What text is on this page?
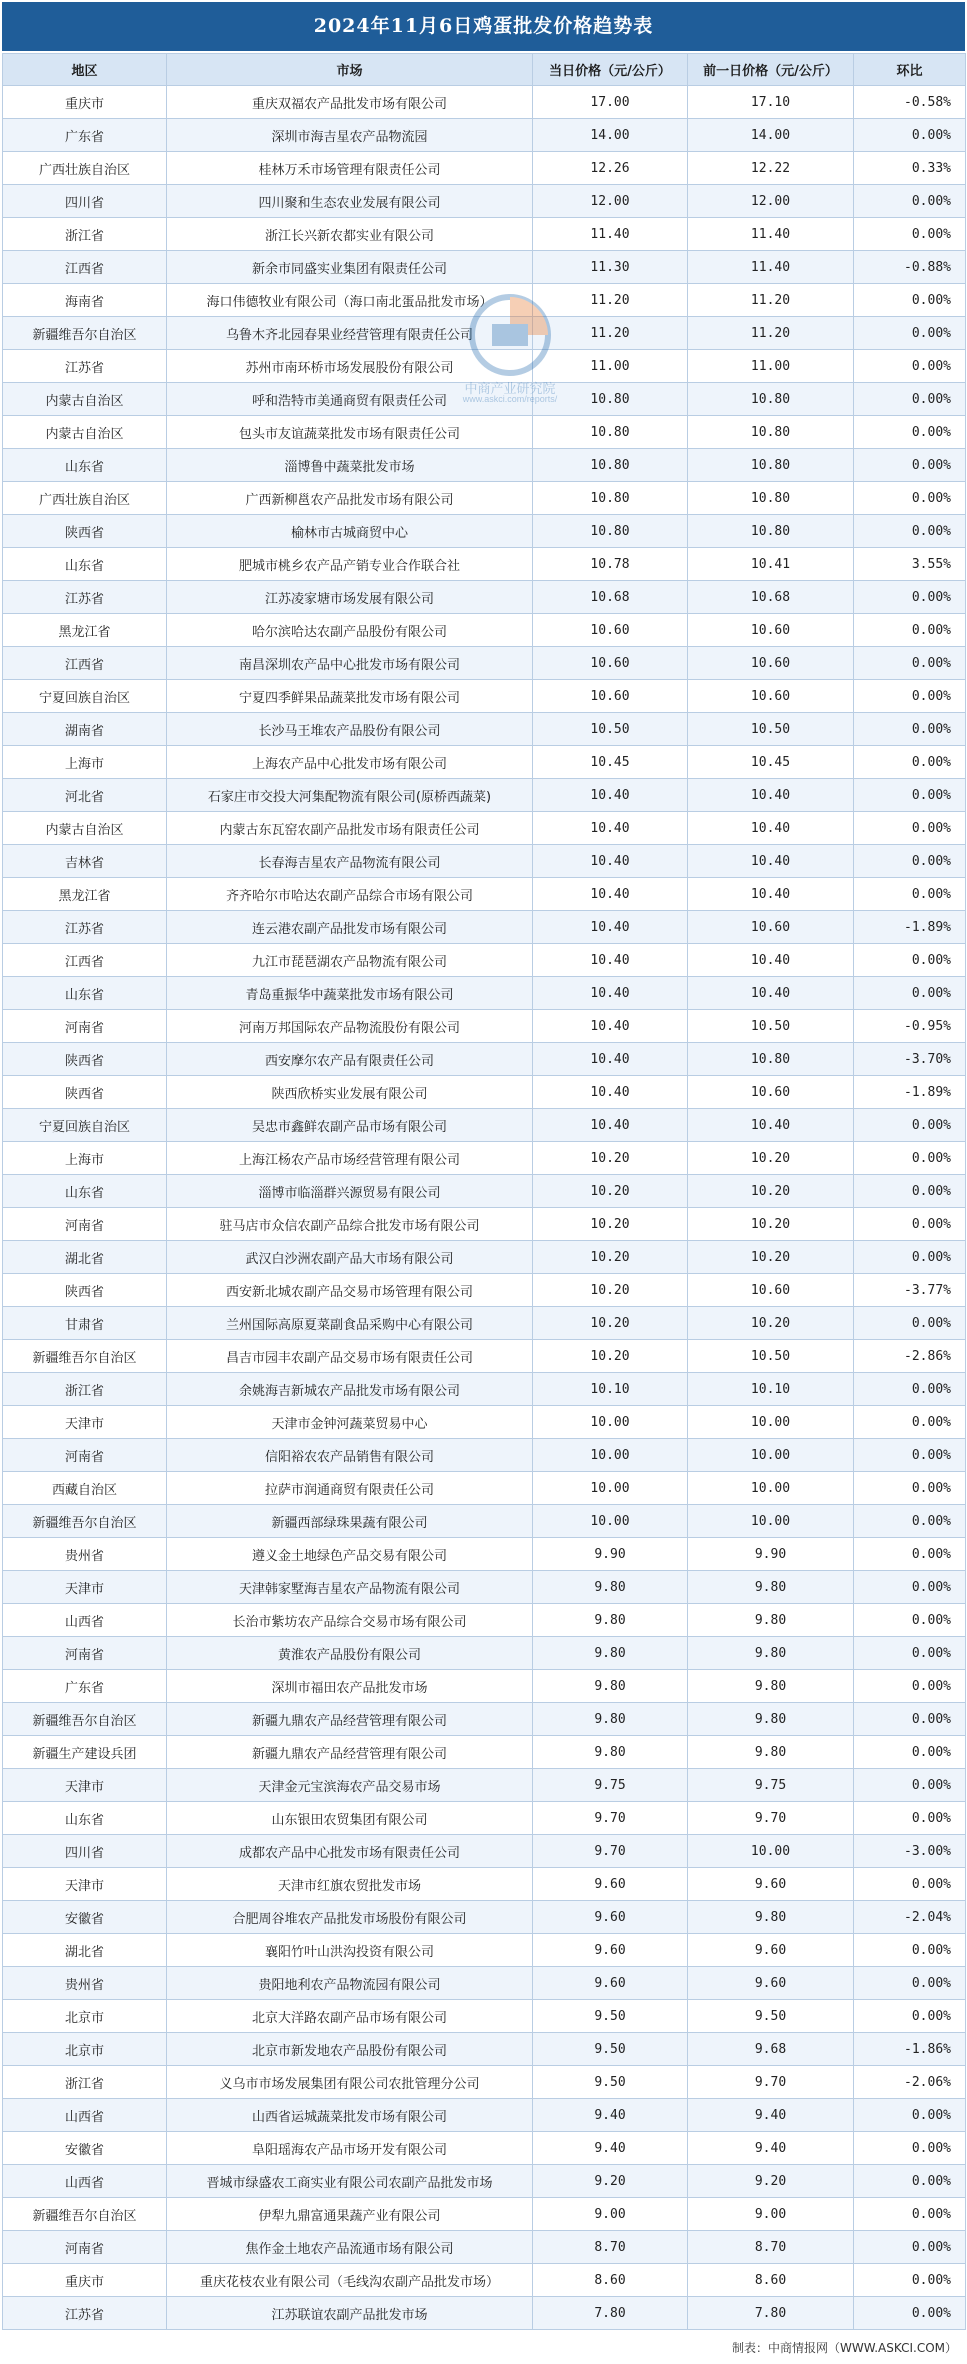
2024年11月6日鸡蛋批发价格趋势表
地区	市场	当日价格（元/公斤）	前一日价格（元/公斤）	环比
重庆市	重庆双福农产品批发市场有限公司	17.00	17.10	-0.58%
广东省	深圳市海吉星农产品物流园	14.00	14.00	0.00%
广西壮族自治区	桂林万禾市场管理有限责任公司	12.26	12.22	0.33%
四川省	四川聚和生态农业发展有限公司	12.00	12.00	0.00%
浙江省	浙江长兴新农都实业有限公司	11.40	11.40	0.00%
江西省	新余市同盛实业集团有限责任公司	11.30	11.40	-0.88%
海南省	海口伟德牧业有限公司（海口南北蛋品批发市场）	11.20	11.20	0.00%
新疆维吾尔自治区	乌鲁木齐北园春果业经营管理有限责任公司	11.20	11.20	0.00%
江苏省	苏州市南环桥市场发展股份有限公司	11.00	11.00	0.00%
内蒙古自治区	呼和浩特市美通商贸有限责任公司	10.80	10.80	0.00%
内蒙古自治区	包头市友谊蔬菜批发市场有限责任公司	10.80	10.80	0.00%
山东省	淄博鲁中蔬菜批发市场	10.80	10.80	0.00%
广西壮族自治区	广西新柳邕农产品批发市场有限公司	10.80	10.80	0.00%
陕西省	榆林市古城商贸中心	10.80	10.80	0.00%
山东省	肥城市桃乡农产品产销专业合作联合社	10.78	10.41	3.55%
江苏省	江苏凌家塘市场发展有限公司	10.68	10.68	0.00%
黑龙江省	哈尔滨哈达农副产品股份有限公司	10.60	10.60	0.00%
江西省	南昌深圳农产品中心批发市场有限公司	10.60	10.60	0.00%
宁夏回族自治区	宁夏四季鲜果品蔬菜批发市场有限公司	10.60	10.60	0.00%
湖南省	长沙马王堆农产品股份有限公司	10.50	10.50	0.00%
上海市	上海农产品中心批发市场有限公司	10.45	10.45	0.00%
河北省	石家庄市交投大河集配物流有限公司(原桥西蔬菜)	10.40	10.40	0.00%
内蒙古自治区	内蒙古东瓦窑农副产品批发市场有限责任公司	10.40	10.40	0.00%
吉林省	长春海吉星农产品物流有限公司	10.40	10.40	0.00%
黑龙江省	齐齐哈尔市哈达农副产品综合市场有限公司	10.40	10.40	0.00%
江苏省	连云港农副产品批发市场有限公司	10.40	10.60	-1.89%
江西省	九江市琵琶湖农产品物流有限公司	10.40	10.40	0.00%
山东省	青岛重振华中蔬菜批发市场有限公司	10.40	10.40	0.00%
河南省	河南万邦国际农产品物流股份有限公司	10.40	10.50	-0.95%
陕西省	西安摩尔农产品有限责任公司	10.40	10.80	-3.70%
陕西省	陕西欣桥实业发展有限公司	10.40	10.60	-1.89%
宁夏回族自治区	吴忠市鑫鲜农副产品市场有限公司	10.40	10.40	0.00%
上海市	上海江杨农产品市场经营管理有限公司	10.20	10.20	0.00%
山东省	淄博市临淄群兴源贸易有限公司	10.20	10.20	0.00%
河南省	驻马店市众信农副产品综合批发市场有限公司	10.20	10.20	0.00%
湖北省	武汉白沙洲农副产品大市场有限公司	10.20	10.20	0.00%
陕西省	西安新北城农副产品交易市场管理有限公司	10.20	10.60	-3.77%
甘肃省	兰州国际高原夏菜副食品采购中心有限公司	10.20	10.20	0.00%
新疆维吾尔自治区	昌吉市园丰农副产品交易市场有限责任公司	10.20	10.50	-2.86%
浙江省	余姚海吉新城农产品批发市场有限公司	10.10	10.10	0.00%
天津市	天津市金钟河蔬菜贸易中心	10.00	10.00	0.00%
河南省	信阳裕农农产品销售有限公司	10.00	10.00	0.00%
西藏自治区	拉萨市润通商贸有限责任公司	10.00	10.00	0.00%
新疆维吾尔自治区	新疆西部绿珠果蔬有限公司	10.00	10.00	0.00%
贵州省	遵义金土地绿色产品交易有限公司	9.90	9.90	0.00%
天津市	天津韩家墅海吉星农产品物流有限公司	9.80	9.80	0.00%
山西省	长治市紫坊农产品综合交易市场有限公司	9.80	9.80	0.00%
河南省	黄淮农产品股份有限公司	9.80	9.80	0.00%
广东省	深圳市福田农产品批发市场	9.80	9.80	0.00%
新疆维吾尔自治区	新疆九鼎农产品经营管理有限公司	9.80	9.80	0.00%
新疆生产建设兵团	新疆九鼎农产品经营管理有限公司	9.80	9.80	0.00%
天津市	天津金元宝滨海农产品交易市场	9.75	9.75	0.00%
山东省	山东银田农贸集团有限公司	9.70	9.70	0.00%
四川省	成都农产品中心批发市场有限责任公司	9.70	10.00	-3.00%
天津市	天津市红旗农贸批发市场	9.60	9.60	0.00%
安徽省	合肥周谷堆农产品批发市场股份有限公司	9.60	9.80	-2.04%
湖北省	襄阳竹叶山洪沟投资有限公司	9.60	9.60	0.00%
贵州省	贵阳地利农产品物流园有限公司	9.60	9.60	0.00%
北京市	北京大洋路农副产品市场有限公司	9.50	9.50	0.00%
北京市	北京市新发地农产品股份有限公司	9.50	9.68	-1.86%
浙江省	义乌市市场发展集团有限公司农批管理分公司	9.50	9.70	-2.06%
山西省	山西省运城蔬菜批发市场有限公司	9.40	9.40	0.00%
安徽省	阜阳瑶海农产品市场开发有限公司	9.40	9.40	0.00%
山西省	晋城市绿盛农工商实业有限公司农副产品批发市场	9.20	9.20	0.00%
新疆维吾尔自治区	伊犁九鼎富通果蔬产业有限公司	9.00	9.00	0.00%
河南省	焦作金土地农产品流通市场有限公司	8.70	8.70	0.00%
重庆市	重庆花枝农业有限公司（毛线沟农副产品批发市场）	8.60	8.60	0.00%
江苏省	江苏联谊农副产品批发市场	7.80	7.80	0.00%
中商产业研究院
www.askci.com/reports/
制表：中商情报网（WWW.ASKCI.COM）
